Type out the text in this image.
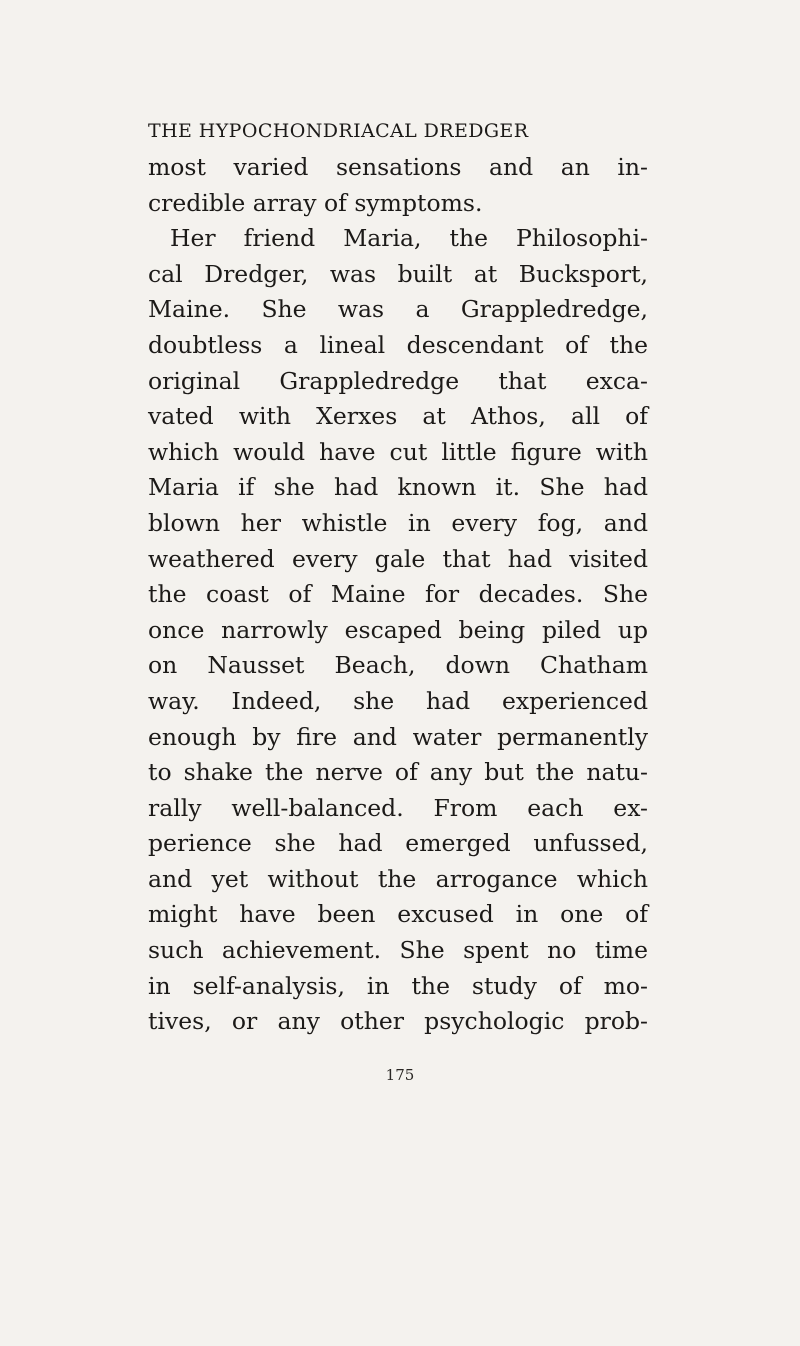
THE HYPOCHONDRIACAL DREDGER
most varied sensations and an in-
credible array of symptoms.
Her friend Maria, the Philosophi-
cal Dredger, was built at Bucksport,
Maine. She was a Grappledredge,
doubtless a lineal descendant of the
original Grappledredge that exca-
vated with Xerxes at Athos, all of
which would have cut little figure with
Maria if she had known it. She had
blown her whistle in every fog, and
weathered every gale that had visited
the coast of Maine for decades. She
once narrowly escaped being piled up
on Nausset Beach, down Chatham
way. Indeed, she had experienced
enough by fire and water permanently
to shake the nerve of any but the natu-
rally well-balanced. From each ex-
perience she had emerged unfussed,
and yet without the arrogance which
might have been excused in one of
such achievement. She spent no time
in self-analysis, in the study of mo-
tives, or any other psychologic prob-
175
